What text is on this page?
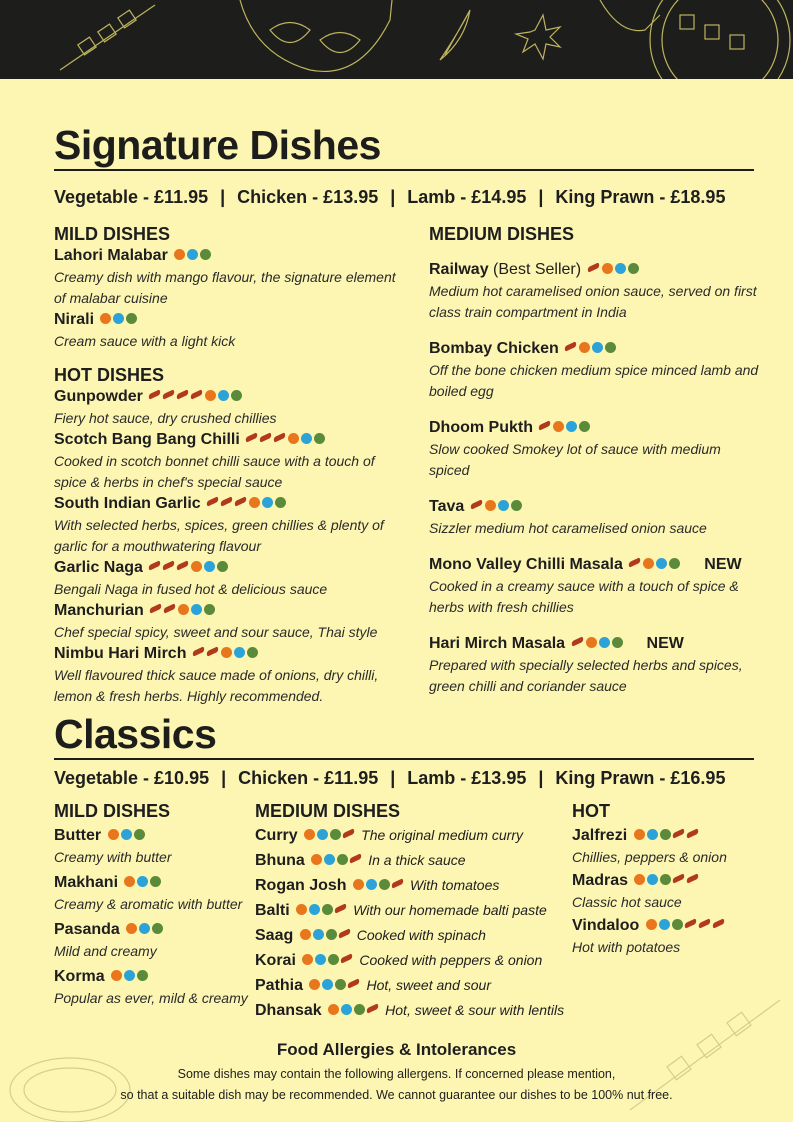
Signature Dishes
Vegetable - £11.95 | Chicken - £13.95 | Lamb - £14.95 | King Prawn - £18.95
MILD DISHES
Lahori Malabar
Creamy dish with mango flavour, the signature element of malabar cuisine
Nirali
Cream sauce with a light kick
HOT DISHES
Gunpowder
Fiery hot sauce, dry crushed chillies
Scotch Bang Bang Chilli
Cooked in scotch bonnet chilli sauce with a touch of spice & herbs in chef's special sauce
South Indian Garlic
With selected herbs, spices, green chillies & plenty of garlic for a mouthwatering flavour
Garlic Naga
Bengali Naga in fused hot & delicious sauce
Manchurian
Chef special spicy, sweet and sour sauce, Thai style
Nimbu Hari Mirch
Well flavoured thick sauce made of onions, dry chilli, lemon & fresh herbs. Highly recommended.
MEDIUM DISHES
Railway (Best Seller)
Medium hot caramelised onion sauce, served on first class train compartment in India
Bombay Chicken
Off the bone chicken medium spice minced lamb and boiled egg
Dhoom Pukth
Slow cooked Smokey lot of sauce with medium spiced
Tava
Sizzler medium hot caramelised onion sauce
Mono Valley Chilli Masala	NEW
Cooked in a creamy sauce with a touch of spice & herbs with fresh chillies
Hari Mirch Masala	NEW
Prepared with specially selected herbs and spices, green chilli and coriander sauce
Classics
Vegetable - £10.95 | Chicken - £11.95 | Lamb - £13.95 | King Prawn - £16.95
MILD DISHES
Butter
Creamy with butter
Makhani
Creamy & aromatic with butter
Pasanda
Mild and creamy
Korma
Popular as ever, mild & creamy
MEDIUM DISHES
Curry	The original medium curry
Bhuna	In a thick sauce
Rogan Josh	With tomatoes
Balti	With our homemade balti paste
Saag	Cooked with spinach
Korai	Cooked with peppers & onion
Pathia	Hot, sweet and sour
Dhansak	Hot, sweet & sour with lentils
HOT
Jalfrezi
Chillies, peppers & onion
Madras
Classic hot sauce
Vindaloo
Hot with potatoes
Food Allergies & Intolerances
Some dishes may contain the following allergens. If concerned please mention,
so that a suitable dish may be recommended. We cannot guarantee our dishes to be 100% nut free.
